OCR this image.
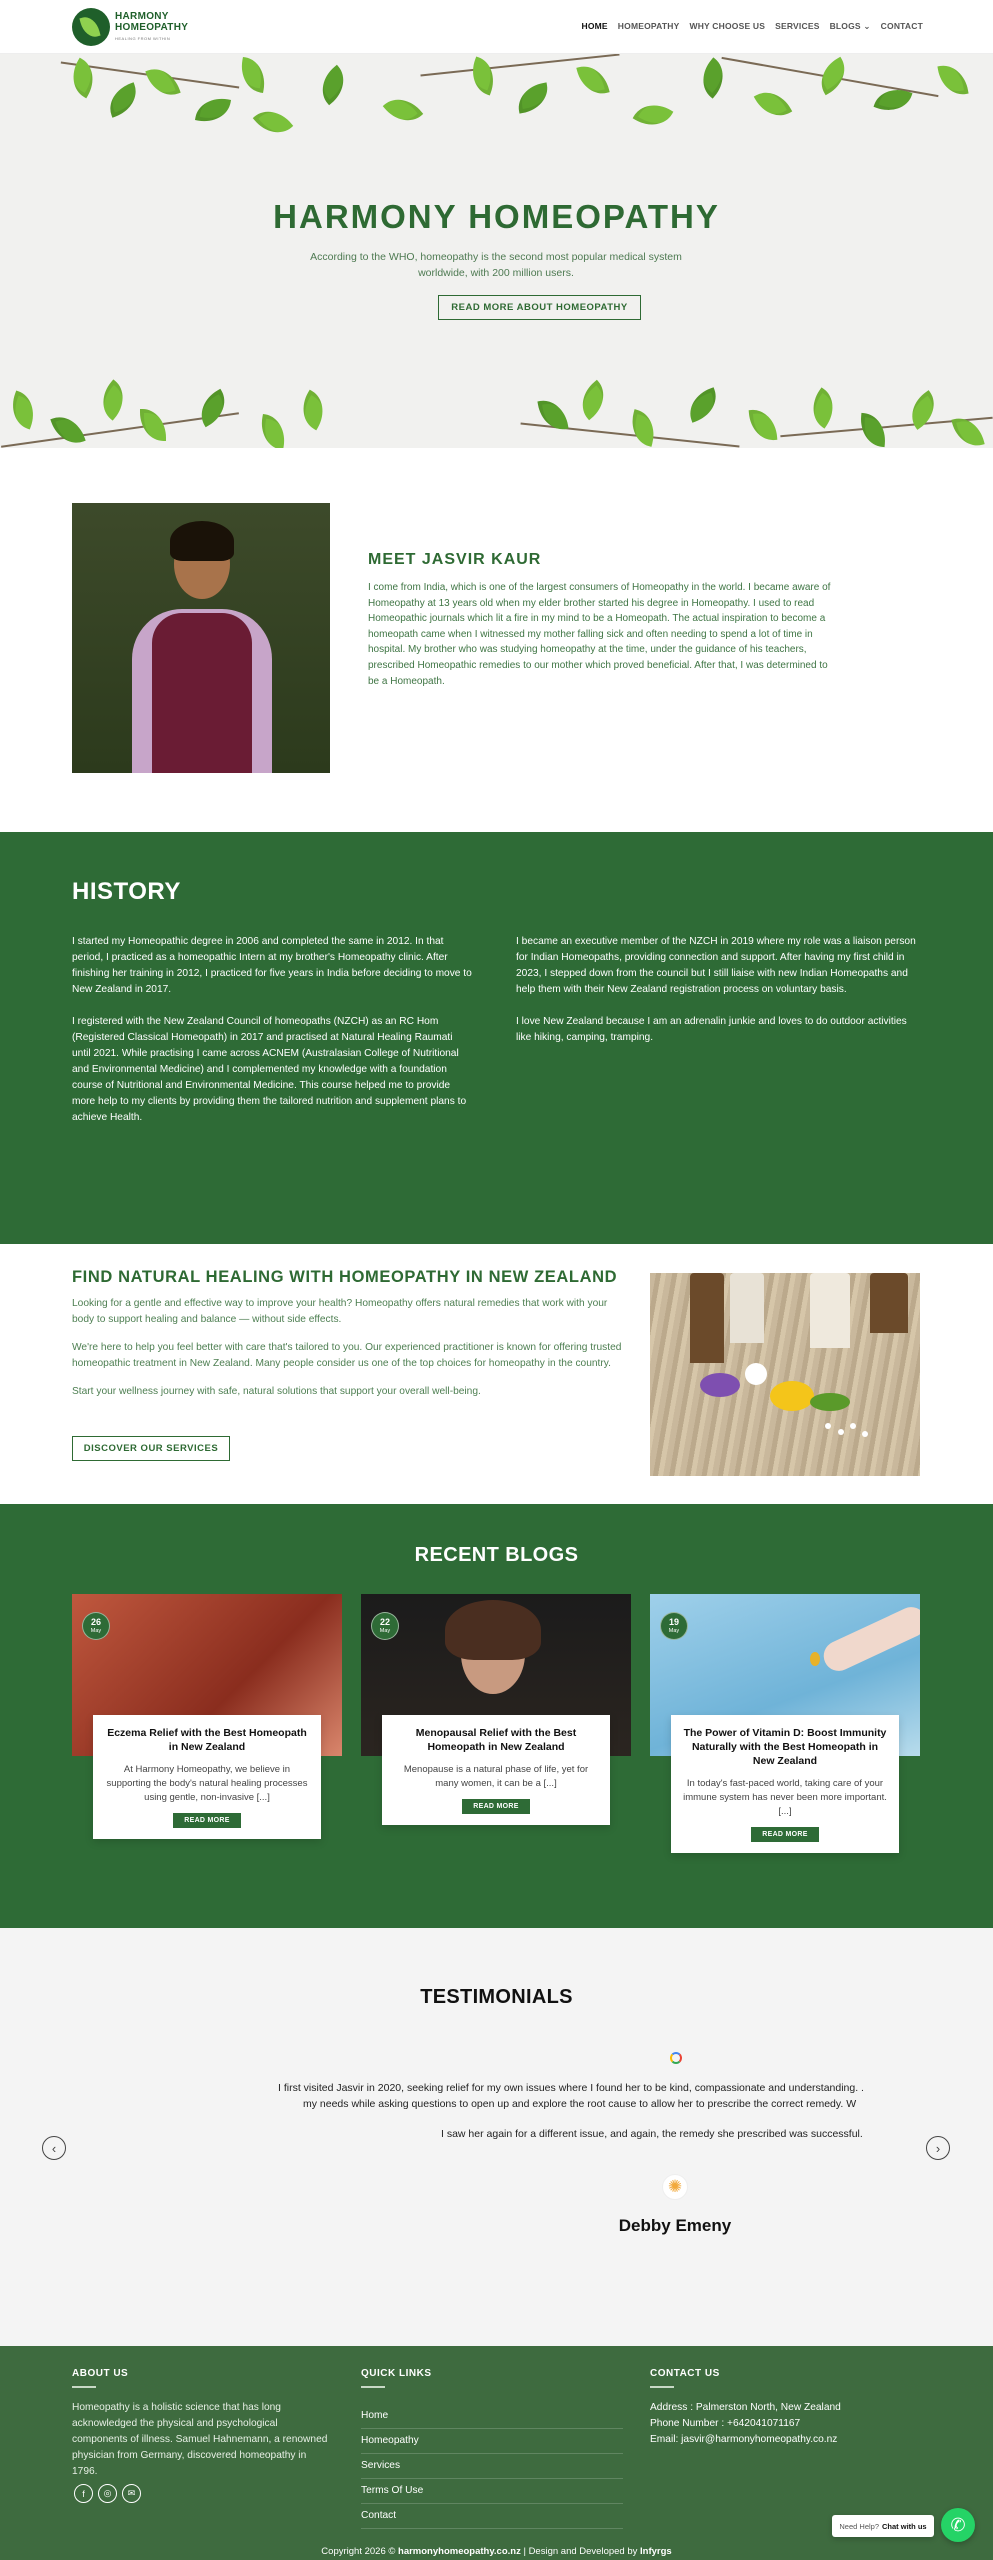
HARMONY
HOMEOPATHY
HEALING FROM WITHIN
HOME HOMEOPATHY WHY CHOOSE US SERVICES BLOGS ⌄ CONTACT
HARMONY HOMEOPATHY
According to the WHO, homeopathy is the second most popular medical system worldwide, with 200 million users.
READ MORE ABOUT HOMEOPATHY
MEET JASVIR KAUR
I come from India, which is one of the largest consumers of Homeopathy in the world. I became aware of Homeopathy at 13 years old when my elder brother started his degree in Homeopathy. I used to read Homeopathic journals which lit a fire in my mind to be a Homeopath. The actual inspiration to become a homeopath came when I witnessed my mother falling sick and often needing to spend a lot of time in hospital. My brother who was studying homeopathy at the time, under the guidance of his teachers, prescribed Homeopathic remedies to our mother which proved beneficial. After that, I was determined to be a Homeopath.
HISTORY

I started my Homeopathic degree in 2006 and completed the same in 2012. In that period, I practiced as a homeopathic Intern at my brother's Homeopathy clinic. After finishing her training in 2012, I practiced for five years in India before deciding to move to New Zealand in 2017.

I registered with the New Zealand Council of homeopaths (NZCH) as an RC Hom (Registered Classical Homeopath) in 2017 and practised at Natural Healing Raumati until 2021. While practising I came across ACNEM (Australasian College of Nutritional and Environmental Medicine) and I complemented my knowledge with a foundation course of Nutritional and Environmental Medicine. This course helped me to provide more help to my clients by providing them the tailored nutrition and supplement plans to achieve Health.

I became an executive member of the NZCH in 2019 where my role was a liaison person for Indian Homeopaths, providing connection and support. After having my first child in 2023, I stepped down from the council but I still liaise with new Indian Homeopaths and help them with their New Zealand registration process on voluntary basis.

I love New Zealand because I am an adrenalin junkie and loves to do outdoor activities like hiking, camping, tramping.

FIND NATURAL HEALING WITH HOMEOPATHY IN NEW ZEALAND

Looking for a gentle and effective way to improve your health? Homeopathy offers natural remedies that work with your body to support healing and balance — without side effects.

We're here to help you feel better with care that's tailored to you. Our experienced practitioner is known for offering trusted homeopathic treatment in New Zealand. Many people consider us one of the top choices for homeopathy in the country.

Start your wellness journey with safe, natural solutions that support your overall well-being.

DISCOVER OUR SERVICES
RECENT BLOGS
26
May
Eczema Relief with the Best Homeopath in New Zealand
At Harmony Homeopathy, we believe in supporting the body's natural healing processes using gentle, non-invasive [...]
READ MORE
22
May
Menopausal Relief with the Best Homeopath in New Zealand
Menopause is a natural phase of life, yet for many women, it can be a [...]
READ MORE
19
May
The Power of Vitamin D: Boost Immunity Naturally with the Best Homeopath in New Zealand
In today's fast-paced world, taking care of your immune system has never been more important. [...]
READ MORE
TESTIMONIALS
I first visited Jasvir in 2020, seeking relief for my own issues where I found her to be kind, compassionate and understanding. .
my needs while asking questions to open up and explore the root cause to allow her to prescribe the correct remedy. W
I saw her again for a different issue, and again, the remedy she prescribed was successful.
‹	›
✺
Debby Emeny
ABOUT US
Homeopathy is a holistic science that has long acknowledged the physical and psychological components of illness. Samuel Hahnemann, a renowned physician from Germany, discovered homeopathy in 1796.
f	◎	✉
QUICK LINKS
Home
Homeopathy
Services
Terms Of Use
Contact
CONTACT US
Address : Palmerston North, New Zealand
Phone Number : +642041071167
Email: jasvir@harmonyhomeopathy.co.nz
Copyright 2026 © harmonyhomeopathy.co.nz | Design and Developed by Infyrgs
Need Help? Chat with us	✆
